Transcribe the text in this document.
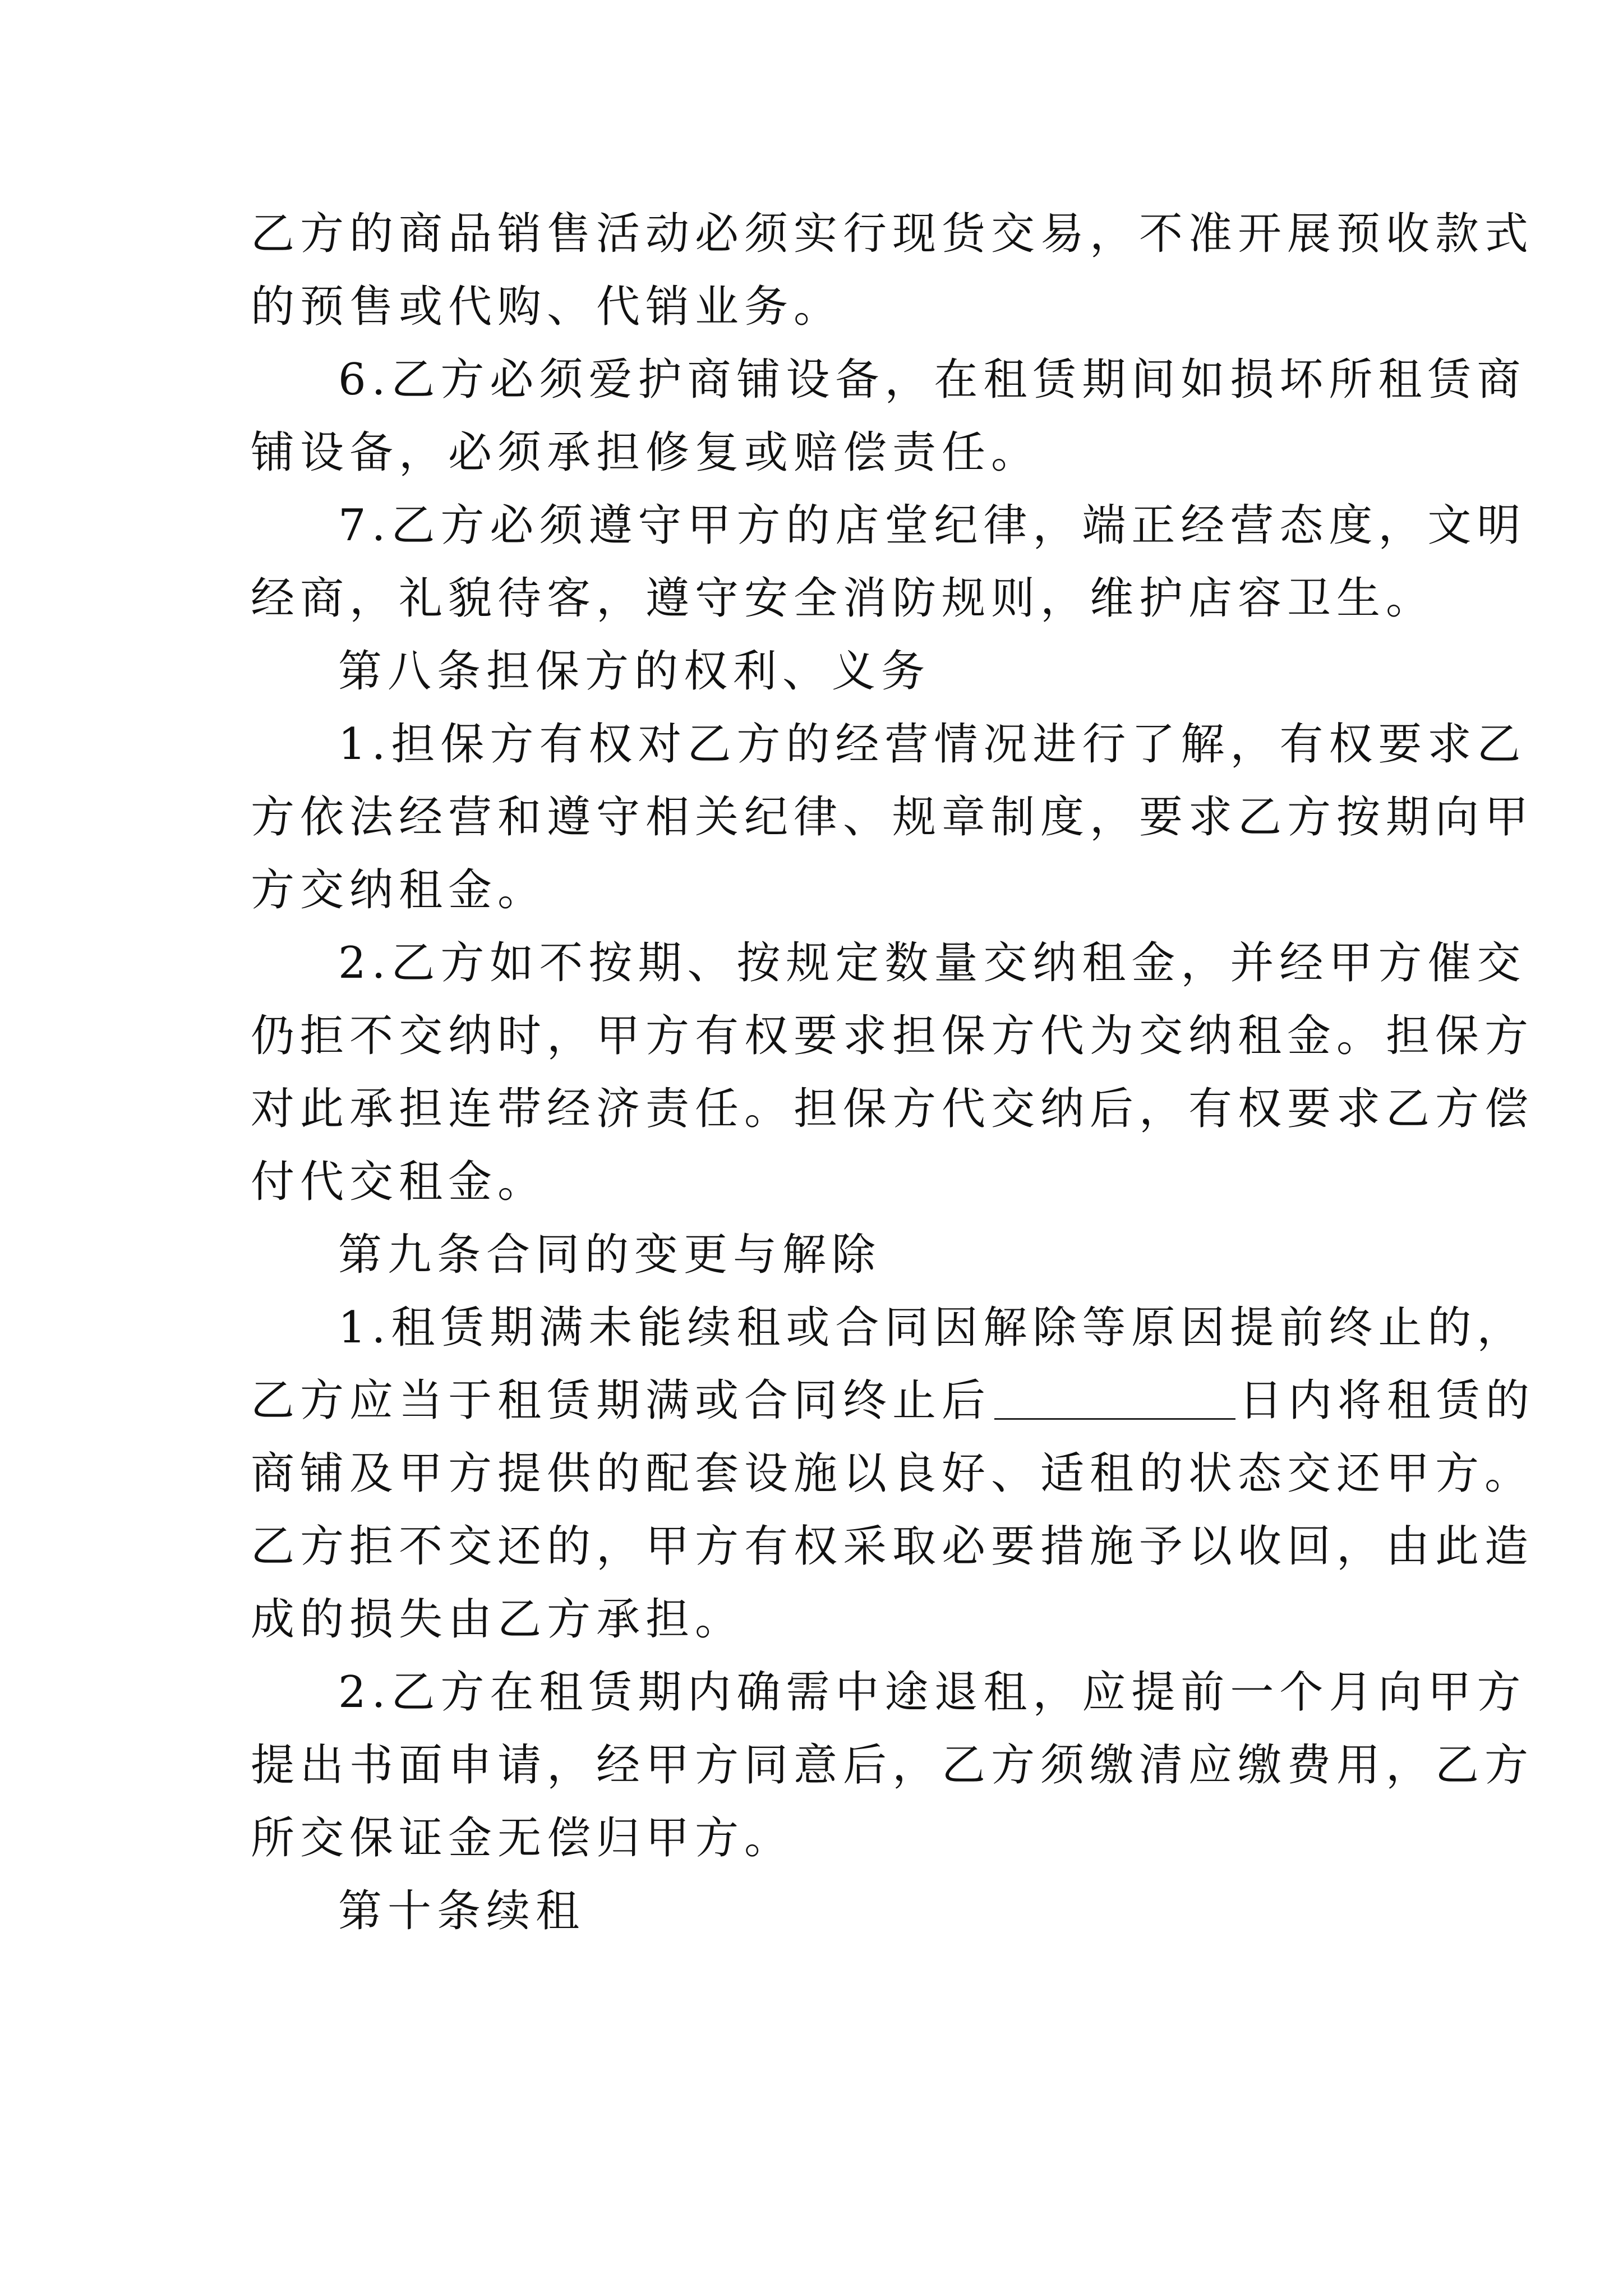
乙方的商品销售活动必须实行现货交易，不准开展预收款式
的预售或代购、代销业务。
6.乙方必须爱护商铺设备，在租赁期间如损坏所租赁商
铺设备，必须承担修复或赔偿责任。
7.乙方必须遵守甲方的店堂纪律，端正经营态度，文明
经商，礼貌待客，遵守安全消防规则，维护店容卫生。
第八条担保方的权利、义务
1.担保方有权对乙方的经营情况进行了解，有权要求乙
方依法经营和遵守相关纪律、规章制度，要求乙方按期向甲
方交纳租金。
2.乙方如不按期、按规定数量交纳租金，并经甲方催交
仍拒不交纳时，甲方有权要求担保方代为交纳租金。担保方
对此承担连带经济责任。担保方代交纳后，有权要求乙方偿
付代交租金。
第九条合同的变更与解除
1.租赁期满未能续租或合同因解除等原因提前终止的，
乙方应当于租赁期满或合同终止后	日内将租赁的
商铺及甲方提供的配套设施以良好、适租的状态交还甲方。
乙方拒不交还的，甲方有权采取必要措施予以收回，由此造
成的损失由乙方承担。
2.乙方在租赁期内确需中途退租，应提前一个月向甲方
提出书面申请，经甲方同意后，乙方须缴清应缴费用，乙方
所交保证金无偿归甲方。
第十条续租
